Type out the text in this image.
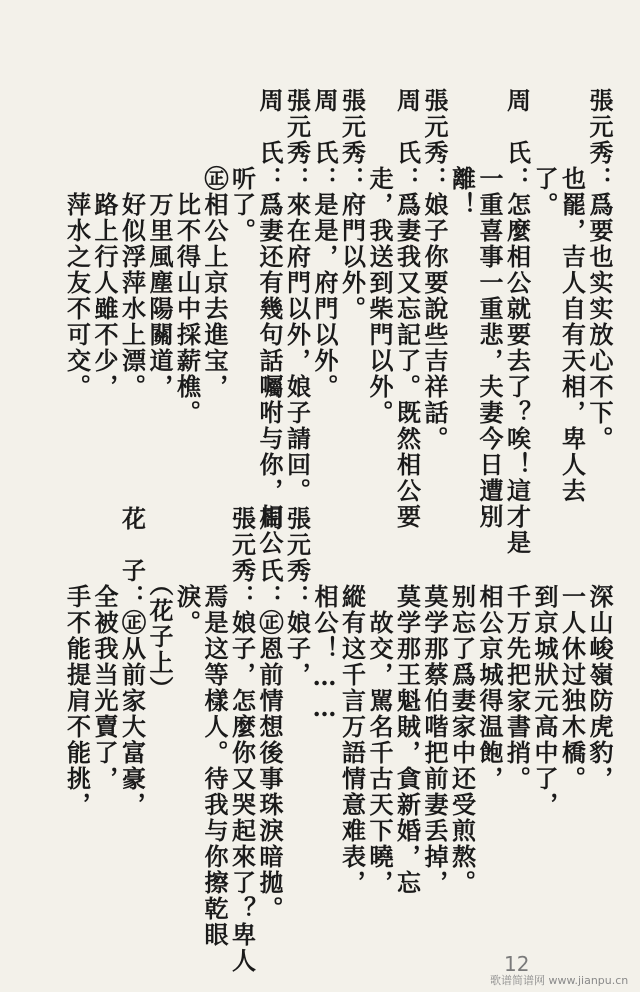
張元秀：爲要也实实放心不下。
　　　也罷，吉人自有天相，卑人去
　　　了。
周　氏：怎麼相公就要去了？唉！這才是
　　　一重喜事一重悲，夫妻今日遭別
　　　離！
張元秀：娘子你要說些吉祥話。
周　氏：爲妻我又忘記了。既然相公要
　　　走，我送到柴門以外。
張元秀：府門以外。
周　氏：是是，府門以外。
張元秀：來在府門以外，娘子請回。
周　氏：爲妻还有幾句話囑咐与你，相公
　　　听了。
　　　㊣相公上京去進宝，
　　　　比不得山中採薪樵。
　　　　万里風塵陽關道，
　　　　好似浮萍水上漂。
　　　　路上行人雖不少，
　　　　萍水之友不可交。
　　　深山峻嶺防虎豹，
　　　一人休过独木橋。
　　　到京城狀元高中了，
　　　千万先把家書捎。
　　　相公京城得温飽，
　　　别忘了爲妻家中还受煎熬。
　　　莫学那蔡伯喈把前妻丢掉，
　　　莫学那王魁賊，貪新婚，忘
　　　　故交，駡名千古天下曉，
　　　縱有这千言万語情意难表，
　　　相公！……
張元秀：娘子，
周　氏：㊣恩前情想後事珠淚暗拋。
張元秀：娘子，怎麼你又哭起來了？卑人
　　　焉是这等樣人。待我与你擦乾眼
　　　淚。
　　　（花子上）
花　子：㊣从前家大富豪，
　　　全被我当光賣了，
　　　手不能提肩不能挑，
12
歌谱简谱网 www.jianpu.cn
